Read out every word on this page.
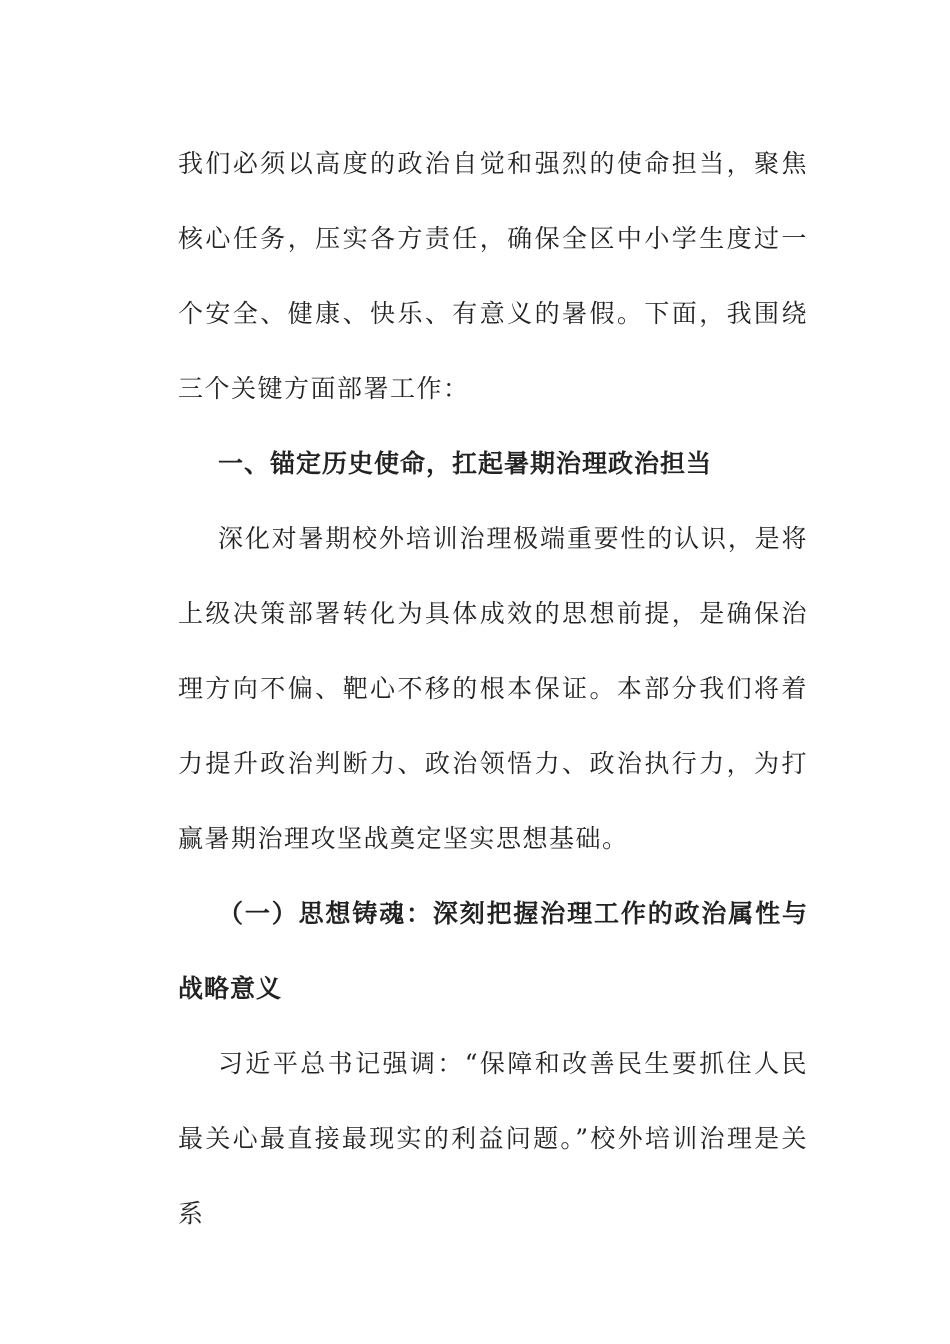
我们必须以高度的政治自觉和强烈的使命担当，聚焦核心任务，压实各方责任，确保全区中小学生度过一个安全、健康、快乐、有意义的暑假。下面，我围绕三个关键方面部署工作：

一、锚定历史使命，扛起暑期治理政治担当

深化对暑期校外培训治理极端重要性的认识，是将上级决策部署转化为具体成效的思想前提，是确保治理方向不偏、靶心不移的根本保证。本部分我们将着力提升政治判断力、政治领悟力、政治执行力，为打赢暑期治理攻坚战奠定坚实思想基础。

（一）思想铸魂：深刻把握治理工作的政治属性与战略意义

习近平总书记强调：“保障和改善民生要抓住人民最关心最直接最现实的利益问题。”校外培训治理是关系
